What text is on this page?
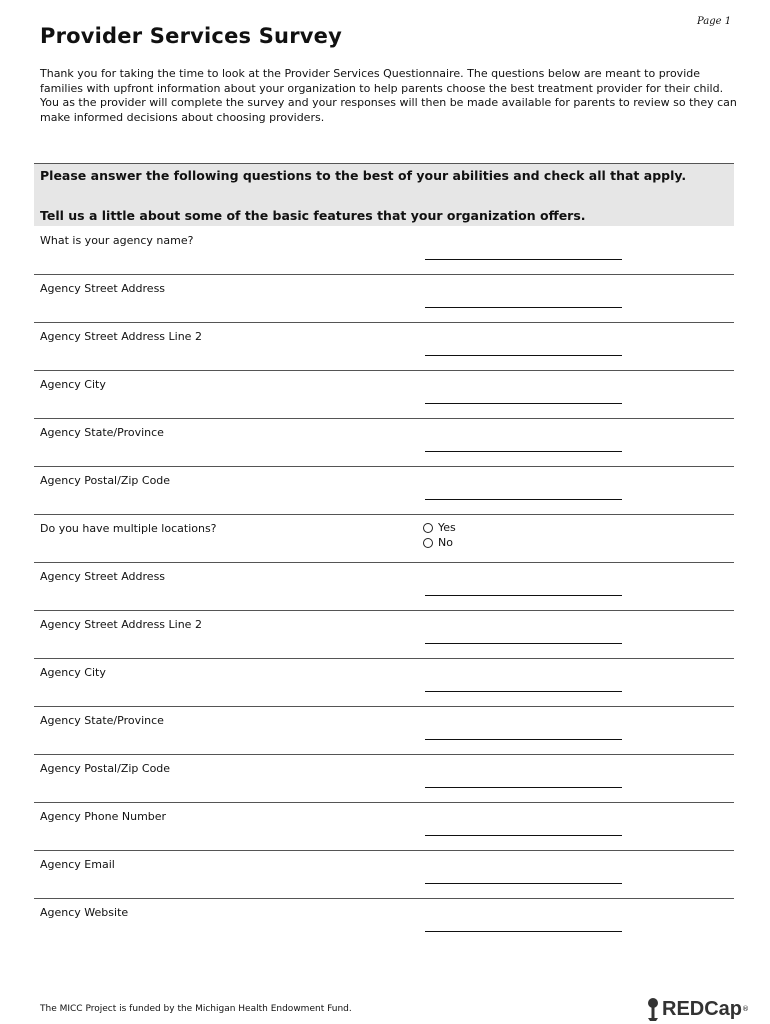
Page 1
Provider Services Survey

Thank you for taking the time to look at the Provider Services Questionnaire. The questions below are meant to provide families with upfront information about your organization to help parents choose the best treatment provider for their child. You as the provider will complete the survey and your responses will then be made available for parents to review so they can make informed decisions about choosing providers.

Please answer the following questions to the best of your abilities and check all that apply.

Tell us a little about some of the basic features that your organization offers.

What is your agency name?
Agency Street Address
Agency Street Address Line 2
Agency City
Agency State/Province
Agency Postal/Zip Code
Do you have multiple locations?	Yes
No
Agency Street Address
Agency Street Address Line 2
Agency City
Agency State/Province
Agency Postal/Zip Code
Agency Phone Number
Agency Email
Agency Website
The MICC Project is funded by the Michigan Health Endowment Fund.	REDCap ®
